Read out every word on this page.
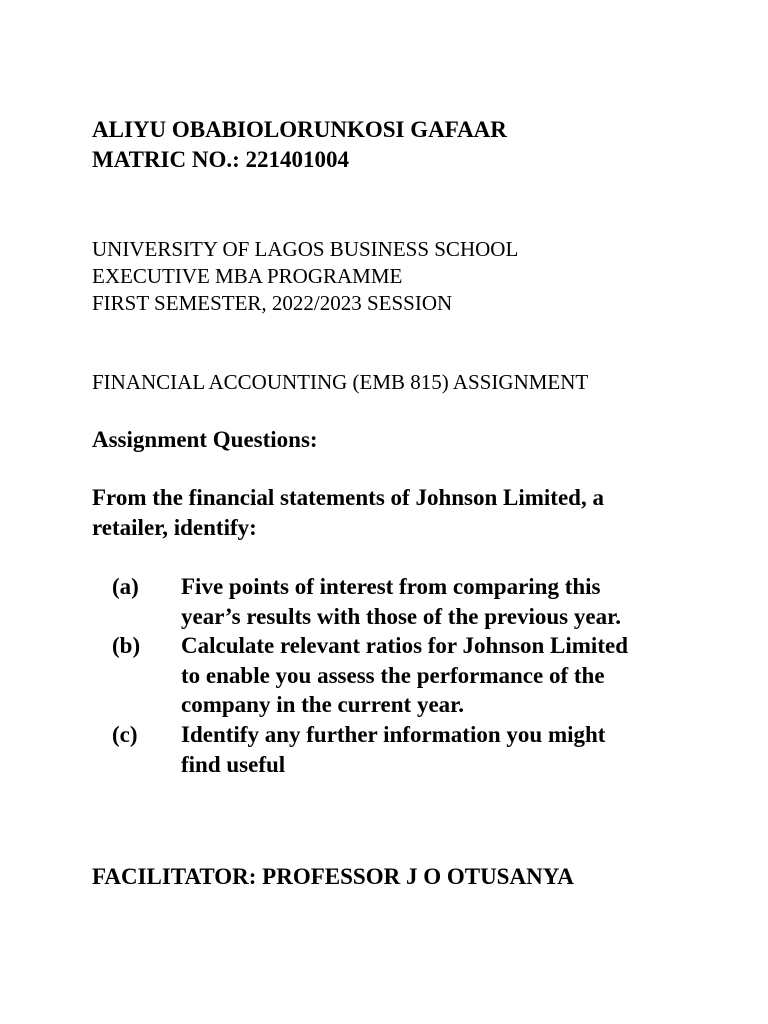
ALIYU OBABIOLORUNKOSI GAFAAR

MATRIC NO.: 221401004

UNIVERSITY OF LAGOS BUSINESS SCHOOL

EXECUTIVE MBA PROGRAMME

FIRST SEMESTER, 2022/2023 SESSION

FINANCIAL ACCOUNTING (EMB 815) ASSIGNMENT

Assignment Questions:

From the financial statements of Johnson Limited, a

retailer, identify:

(a) Five points of interest from comparing this
year’s results with those of the previous year.
(b) Calculate relevant ratios for Johnson Limited
to enable you assess the performance of the
company in the current year.
(c) Identify any further information you might
find useful

FACILITATOR: PROFESSOR J O OTUSANYA
